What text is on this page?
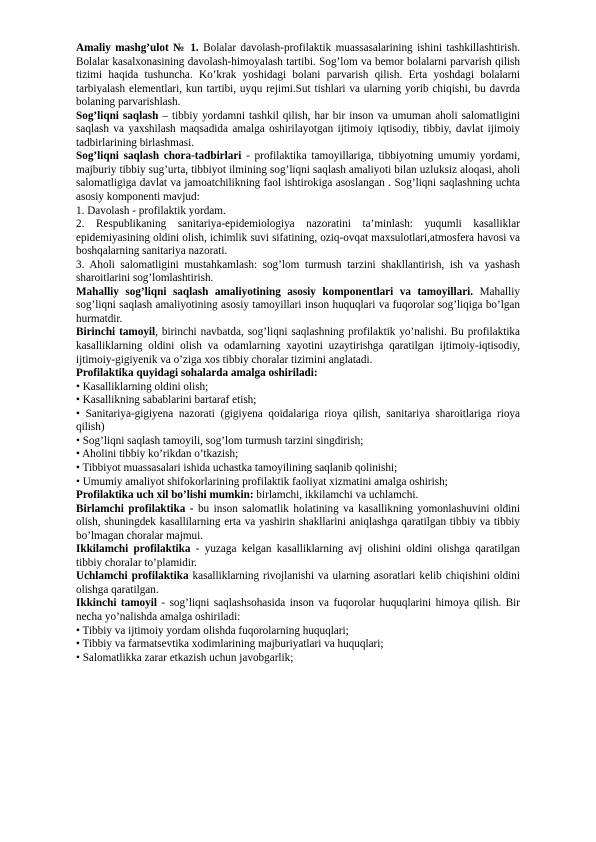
Amaliy mashg’ulot № 1. Bolalar davolash-profilaktik muassasalarining ishini tashkillashtirish. Bolalar kasalxonasining davolash-himoyalash tartibi. Sog’lom va bemor bolalarni parvarish qilish tizimi haqida tushuncha. Ko’krak yoshidagi bolani parvarish qilish. Erta yoshdagi bolalarni tarbiyalash elementlari, kun tartibi, uyqu rejimi.Sut tishlari va ularning yorib chiqishi, bu davrda bolaning parvarishlash.

Sog’liqni saqlash – tibbiy yordamni tashkil qilish, har bir inson va umuman aholi salomatligini saqlash va yaxshilash maqsadida amalga oshirilayotgan ijtimoiy iqtisodiy, tibbiy, davlat ijimoiy tadbirlarining birlashmasi.

Sog’liqni saqlash chora-tadbirlari - profilaktika tamoyillariga, tibbiyotning umumiy yordami, majburiy tibbiy sug’urta, tibbiyot ilmining sog’liqni saqlash amaliyoti bilan uzluksiz aloqasi, aholi salomatligiga davlat va jamoatchilikning faol ishtirokiga asoslangan . Sog’liqni saqlashning uchta asosiy komponenti mavjud:

1. Davolash - profilaktik yordam.

2. Respublikaning sanitariya-epidemiologiya nazoratini ta’minlash: yuqumli kasalliklar epidemiyasining oldini olish, ichimlik suvi sifatining, oziq-ovqat maxsulotlari,atmosfera havosi va boshqalarning sanitariya nazorati.

3. Aholi salomatligini mustahkamlash: sog’lom turmush tarzini shakllantirish, ish va yashash sharoitlarini sog’lomlashtirish.

Mahalliy sog’liqni saqlash amaliyotining asosiy komponentlari va tamoyillari. Mahalliy sog’liqni saqlash amaliyotining asosiy tamoyillari inson huquqlari va fuqorolar sog’liqiga bo’lgan hurmatdir.

Birinchi tamoyil, birinchi navbatda, sog’liqni saqlashning profilaktik yo’nalishi. Bu profilaktika kasalliklarning oldini olish va odamlarning xayotini uzaytirishga qaratilgan ijtimoiy-iqtisodiy, ijtimoiy-gigiyenik va o’ziga xos tibbiy choralar tizimini anglatadi.

Profilaktika quyidagi sohalarda amalga oshiriladi:

• Kasalliklarning oldini olish;

• Kasallikning sabablarini bartaraf etish;

• Sanitariya-gigiyena nazorati (gigiyena qoidalariga rioya qilish, sanitariya sharoitlariga rioya qilish)

• Sog’liqni saqlash tamoyili, sog’lom turmush tarzini singdirish;

• Aholini tibbiy ko’rikdan o’tkazish;

• Tibbiyot muassasalari ishida uchastka tamoyilining saqlanib qolinishi;

• Umumiy amaliyot shifokorlarining profilaktik faoliyat xizmatini amalga oshirish;

Profilaktika uch xil bo’lishi mumkin: birlamchi, ikkilamchi va uchlamchi.

Birlamchi profilaktika - bu inson salomatlik holatining va kasallikning yomonlashuvini oldini olish, shuningdek kasallilarning erta va yashirin shakllarini aniqlashga qaratilgan tibbiy va tibbiy bo’lmagan choralar majmui.

Ikkilamchi profilaktika - yuzaga kelgan kasalliklarning avj olishini oldini olishga qaratilgan tibbiy choralar to’plamidir.

Uchlamchi profilaktika kasalliklarning rivojlanishi va ularning asoratlari kelib chiqishini oldini olishga qaratilgan.

Ikkinchi tamoyil - sog’liqni saqlashsohasida inson va fuqorolar huquqlarini himoya qilish. Bir necha yo’nalishda amalga oshiriladi:

• Tibbiy va ijtimoiy yordam olishda fuqorolarning huquqlari;

• Tibbiy va farmatsevtika xodimlarining majburiyatlari va huquqlari;

• Salomatlikka zarar etkazish uchun javobgarlik;
